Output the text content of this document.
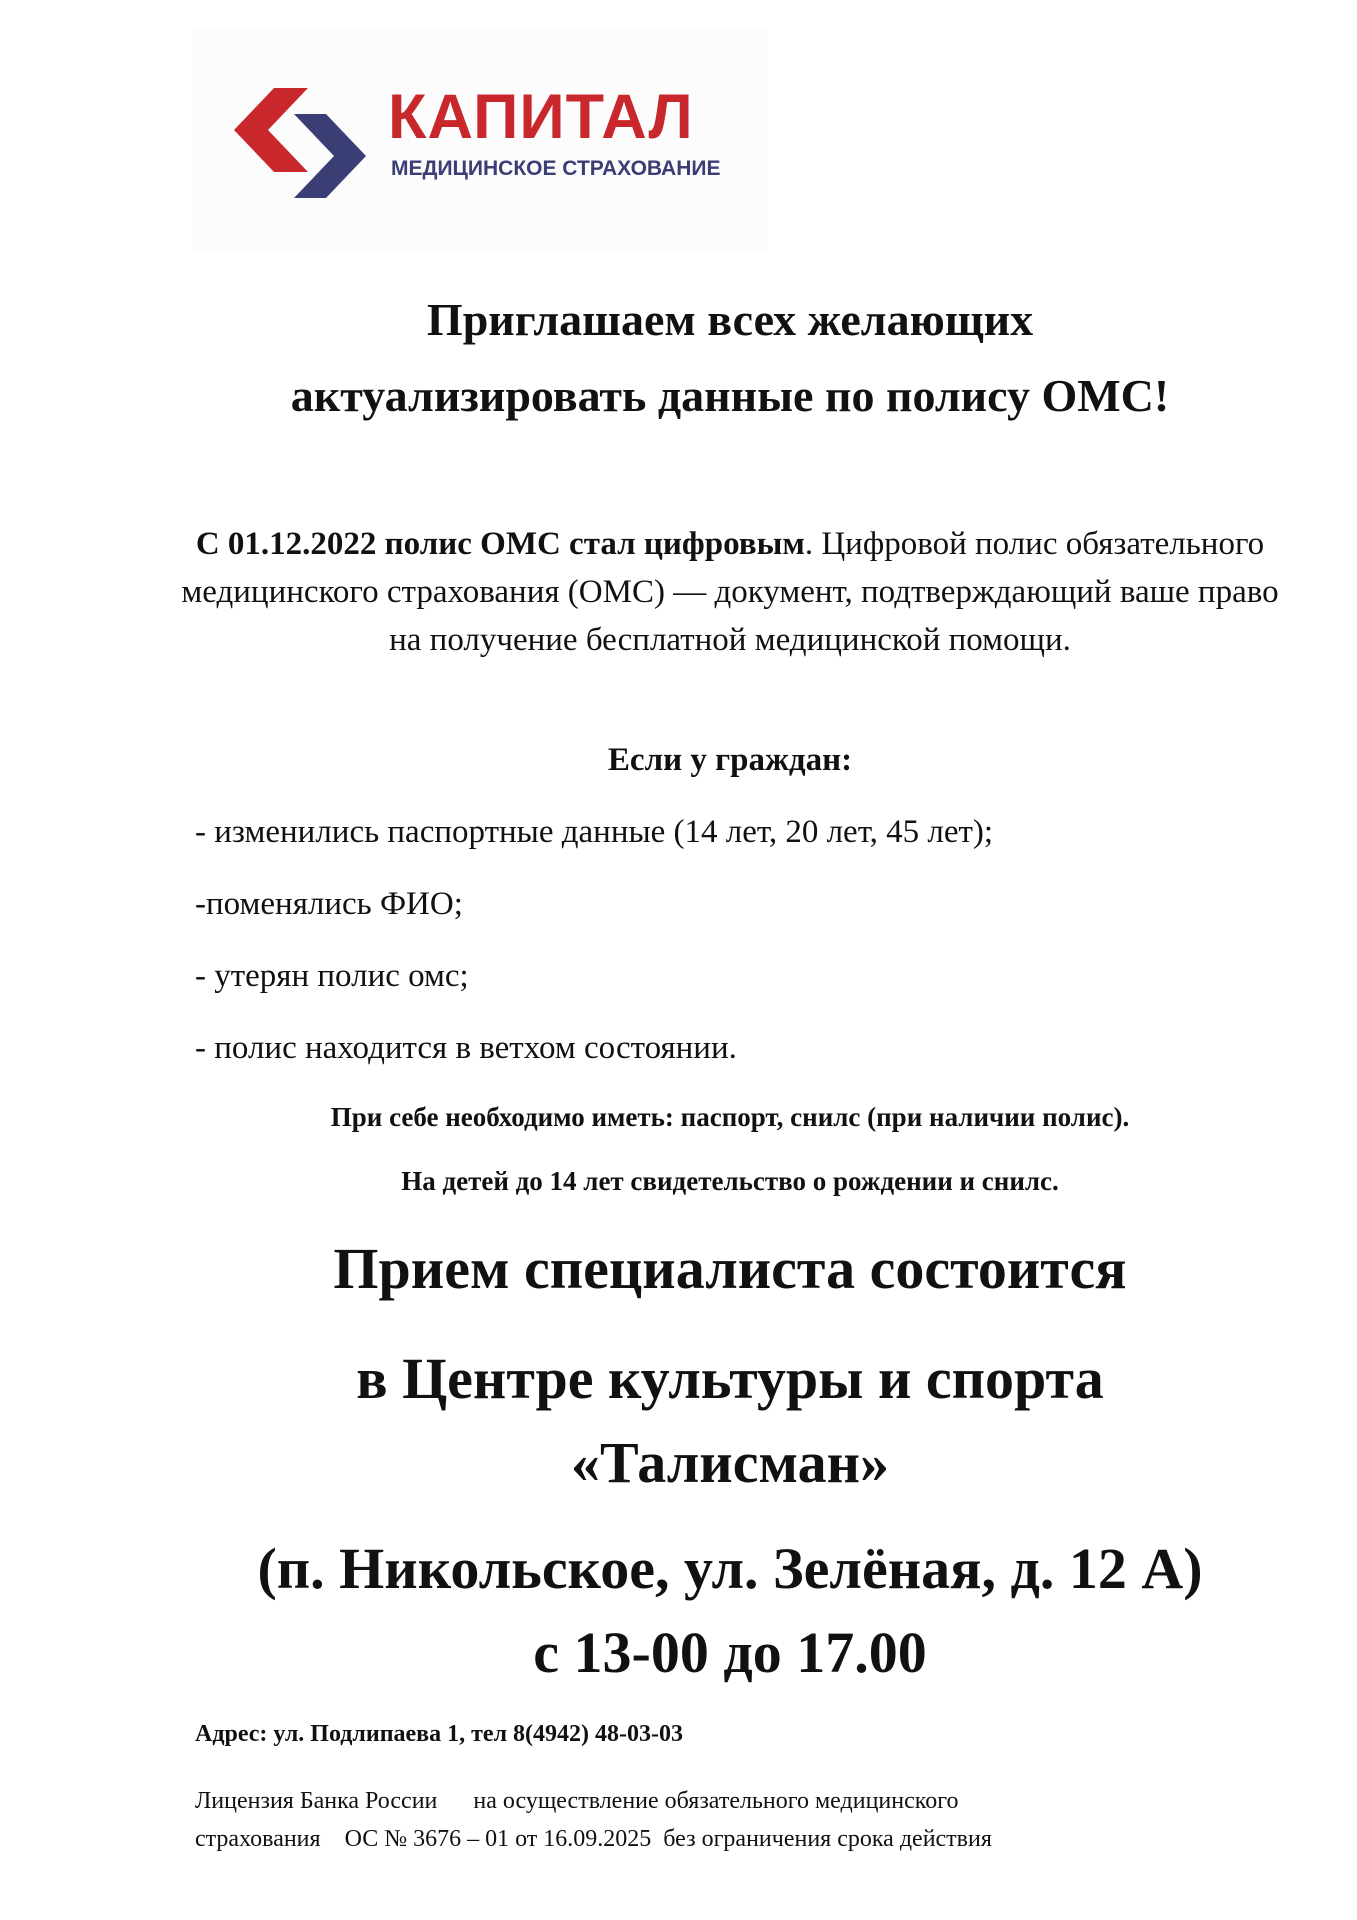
КАПИТАЛ
МЕДИЦИНСКОЕ СТРАХОВАНИЕ
Приглашаем всех желающих
актуализировать данные по полису ОМС!
С 01.12.2022 полис ОМС стал цифровым. Цифровой полис обязательного медицинского страхования (ОМС) — документ, подтверждающий ваше право на получение бесплатной медицинской помощи.
Если у граждан:
- изменились паспортные данные (14 лет, 20 лет, 45 лет);
-поменялись ФИО;
- утерян полис омс;
- полис находится в ветхом состоянии.
При себе необходимо иметь: паспорт, снилс (при наличии полис).
На детей до 14 лет свидетельство о рождении и снилс.
Прием специалиста состоится
в Центре культуры и спорта
«Талисман»
(п. Никольское, ул. Зелёная, д. 12 А)
с 13-00 до 17.00
Адрес: ул. Подлипаева 1, тел 8(4942) 48-03-03
Лицензия Банка России      на осуществление обязательного медицинского
страхования    ОС № 3676 – 01 от 16.09.2025  без ограничения срока действия
